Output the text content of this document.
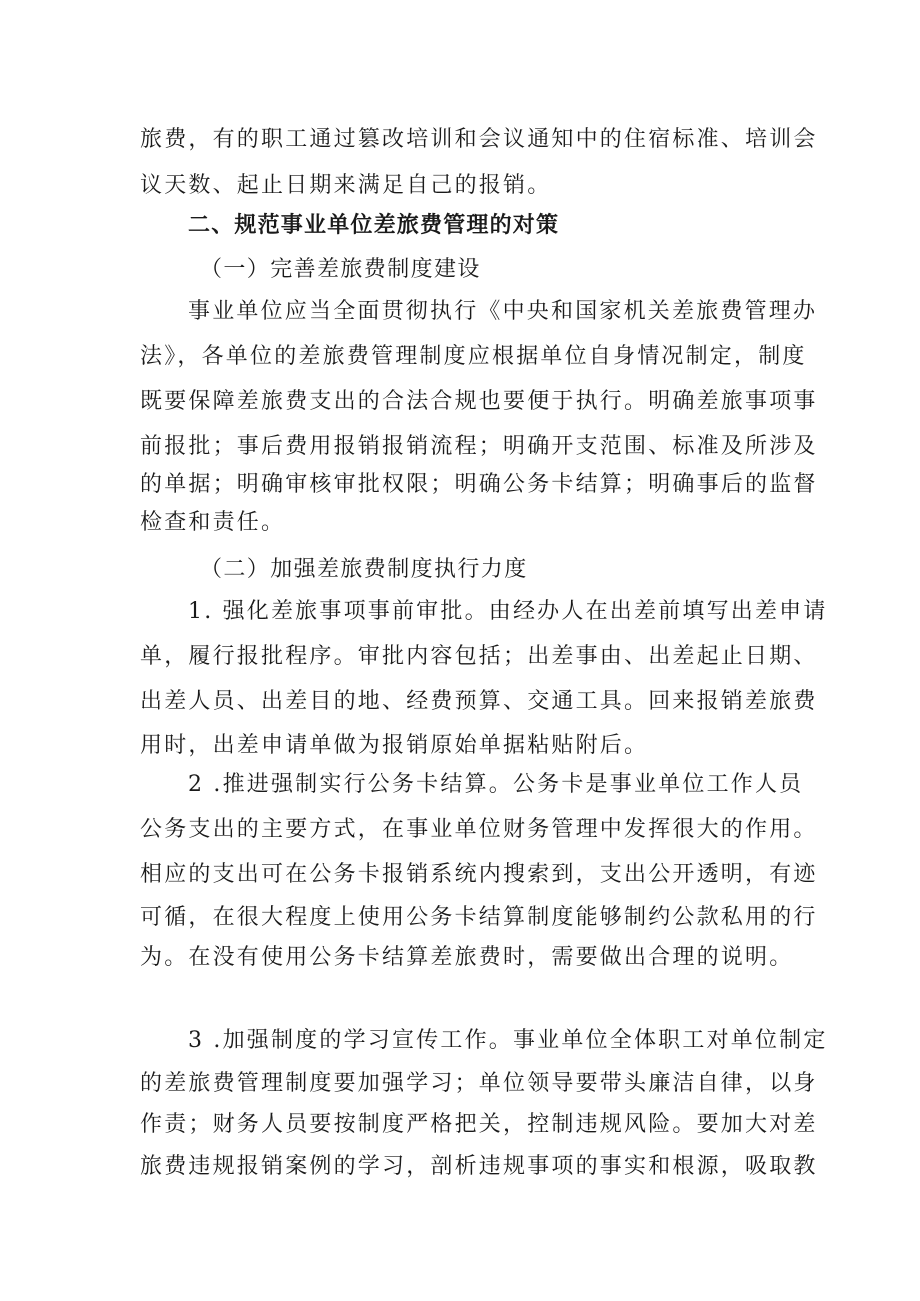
旅费，有的职工通过篡改培训和会议通知中的住宿标准、培训会
议天数、起止日期来满足自己的报销。
二、规范事业单位差旅费管理的对策
（一）完善差旅费制度建设
事业单位应当全面贯彻执行《中央和国家机关差旅费管理办
法》，各单位的差旅费管理制度应根据单位自身情况制定，制度
既要保障差旅费支出的合法合规也要便于执行。明确差旅事项事
前报批；事后费用报销报销流程；明确开支范围、标准及所涉及
的单据；明确审核审批权限；明确公务卡结算；明确事后的监督
检查和责任。
（二）加强差旅费制度执行力度
1. 强化差旅事项事前审批。由经办人在出差前填写出差申请
单，履行报批程序。审批内容包括；出差事由、出差起止日期、
出差人员、出差目的地、经费预算、交通工具。回来报销差旅费
用时，出差申请单做为报销原始单据粘贴附后。
2 .推进强制实行公务卡结算。公务卡是事业单位工作人员
公务支出的主要方式，在事业单位财务管理中发挥很大的作用。
相应的支出可在公务卡报销系统内搜索到，支出公开透明，有迹
可循，在很大程度上使用公务卡结算制度能够制约公款私用的行
为。在没有使用公务卡结算差旅费时，需要做出合理的说明。
3 .加强制度的学习宣传工作。事业单位全体职工对单位制定
的差旅费管理制度要加强学习；单位领导要带头廉洁自律，以身
作责；财务人员要按制度严格把关，控制违规风险。要加大对差
旅费违规报销案例的学习，剖析违规事项的事实和根源，吸取教
